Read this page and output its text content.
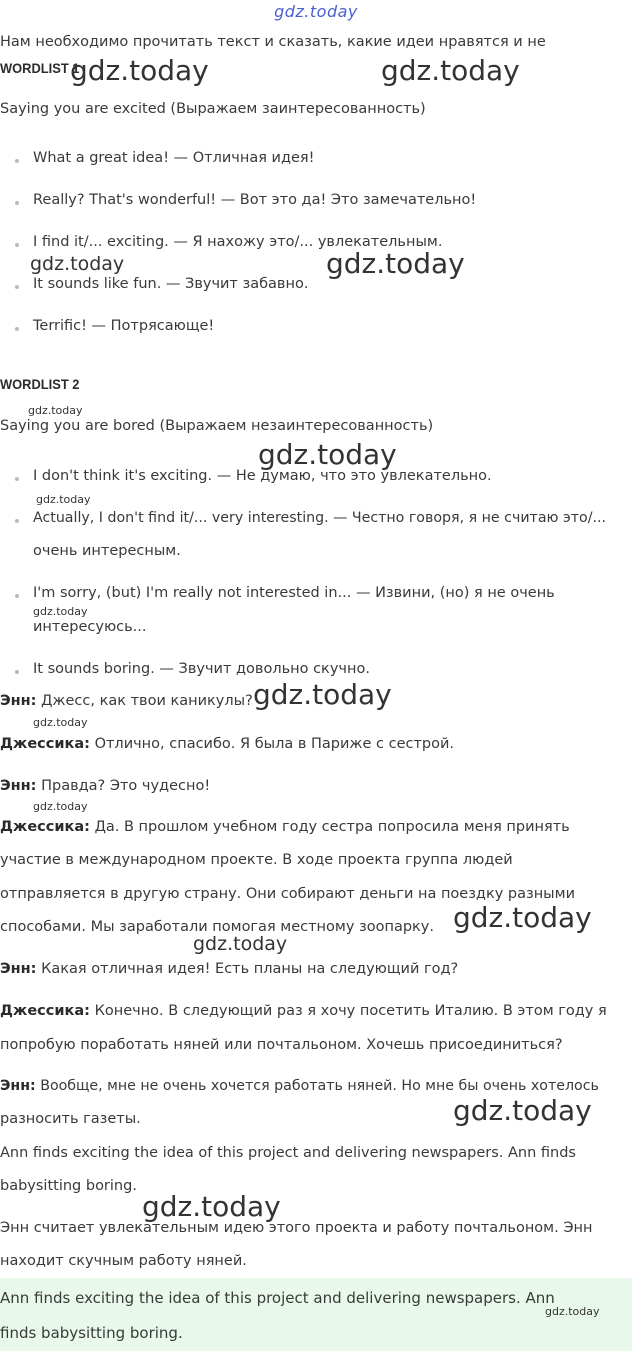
gdz.today
Нам необходимо прочитать текст и сказать, какие идеи нравятся и не
WORDLIST 1
Saying you are excited (Выражаем заинтересованность)
What a great idea! — Отличная идея!
Really? That's wonderful! — Вот это да! Это замечательно!
I find it/... exciting. — Я нахожу это/... увлекательным.
It sounds like fun. — Звучит забавно.
Terrific! — Потрясающе!
WORDLIST 2
Saying you are bored (Выражаем незаинтересованность)
I don't think it's exciting. — Не думаю, что это увлекательно.
Actually, I don't find it/... very interesting. — Честно говоря, я не считаю это/...
очень интересным.
I'm sorry, (but) I'm really not interested in... — Извини, (но) я не очень
интересуюсь...
It sounds boring. — Звучит довольно скучно.
Энн: Джесс, как твои каникулы?
Джессика: Отлично, спасибо. Я была в Париже с сестрой.
Энн: Правда? Это чудесно!
Джессика: Да. В прошлом учебном году сестра попросила меня принять
участие в международном проекте. В ходе проекта группа людей
отправляется в другую страну. Они собирают деньги на поездку разными
способами. Мы заработали помогая местному зоопарку.
Энн: Какая отличная идея! Есть планы на следующий год?
Джессика: Конечно. В следующий раз я хочу посетить Италию. В этом году я
попробую поработать няней или почтальоном. Хочешь присоединиться?
Энн: Вообще, мне не очень хочется работать няней. Но мне бы очень хотелось
разносить газеты.
Ann finds exciting the idea of this project and delivering newspapers. Ann finds
babysitting boring.
Энн считает увлекательным идею этого проекта и работу почтальоном. Энн
находит скучным работу няней.
Ann finds exciting the idea of this project and delivering newspapers. Ann
finds babysitting boring.
gdz.today	gdz.today
gdz.today	gdz.today
gdz.today
gdz.today
gdz.today
gdz.today
gdz.today
gdz.today
gdz.today
gdz.today
gdz.today
gdz.today
gdz.today
gdz.today
